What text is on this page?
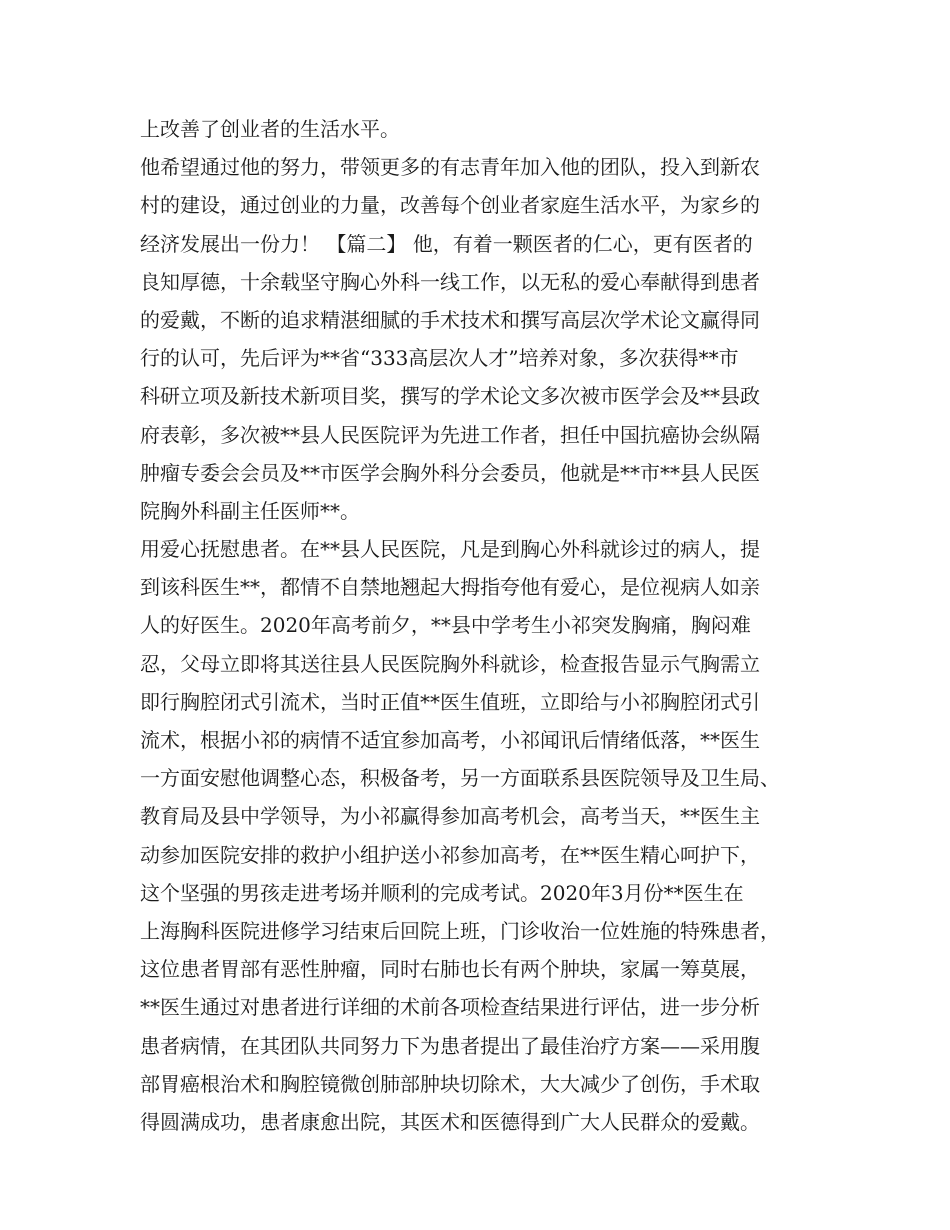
上改善了创业者的生活水平。
他希望通过他的努力，带领更多的有志青年加入他的团队，投入到新农
村的建设，通过创业的力量，改善每个创业者家庭生活水平，为家乡的
经济发展出一份力！ 【篇二】 他，有着一颗医者的仁心，更有医者的
良知厚德，十余载坚守胸心外科一线工作，以无私的爱心奉献得到患者
的爱戴，不断的追求精湛细腻的手术技术和撰写高层次学术论文赢得同
行的认可，先后评为**省“333高层次人才”培养对象，多次获得**市
科研立项及新技术新项目奖，撰写的学术论文多次被市医学会及**县政
府表彰，多次被**县人民医院评为先进工作者，担任中国抗癌协会纵隔
肿瘤专委会会员及**市医学会胸外科分会委员，他就是**市**县人民医
院胸外科副主任医师**。
用爱心抚慰患者。在**县人民医院，凡是到胸心外科就诊过的病人，提
到该科医生**，都情不自禁地翘起大拇指夸他有爱心，是位视病人如亲
人的好医生。2020年高考前夕，**县中学考生小祁突发胸痛，胸闷难
忍，父母立即将其送往县人民医院胸外科就诊，检查报告显示气胸需立
即行胸腔闭式引流术，当时正值**医生值班，立即给与小祁胸腔闭式引
流术，根据小祁的病情不适宜参加高考，小祁闻讯后情绪低落，**医生
一方面安慰他调整心态，积极备考，另一方面联系县医院领导及卫生局、
教育局及县中学领导，为小祁赢得参加高考机会，高考当天，**医生主
动参加医院安排的救护小组护送小祁参加高考，在**医生精心呵护下，
这个坚强的男孩走进考场并顺利的完成考试。2020年3月份**医生在
上海胸科医院进修学习结束后回院上班，门诊收治一位姓施的特殊患者，
这位患者胃部有恶性肿瘤，同时右肺也长有两个肿块，家属一筹莫展，
**医生通过对患者进行详细的术前各项检查结果进行评估，进一步分析
患者病情，在其团队共同努力下为患者提出了最佳治疗方案——采用腹
部胃癌根治术和胸腔镜微创肺部肿块切除术，大大减少了创伤，手术取
得圆满成功，患者康愈出院，其医术和医德得到广大人民群众的爱戴。
